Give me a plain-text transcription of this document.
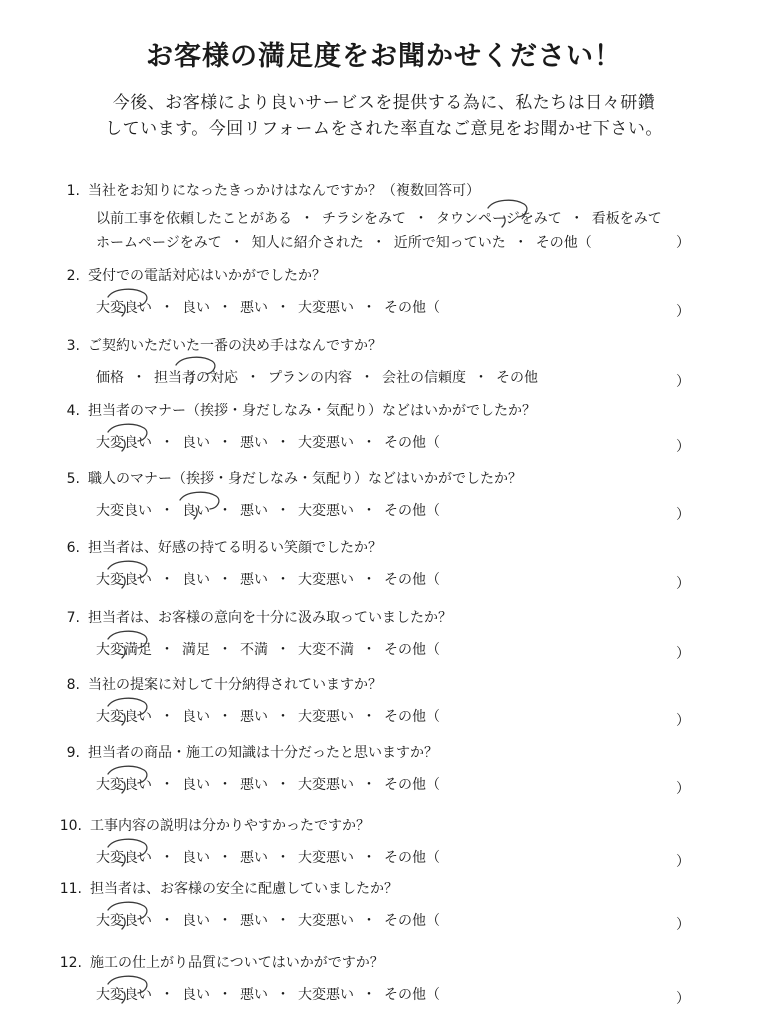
お客様の満足度をお聞かせください！

今後、お客様により良いサービスを提供する為に、私たちは日々研鑽

しています。今回リフォームをされた率直なご意見をお聞かせ下さい。

1. 当社をお知りになったきっかけはなんですか？（複数回答可）
以前工事を依頼したことがある ・ チラシをみて ・ タウンページをみて ・ 看板をみて
ホームページをみて ・ 知人に紹介された ・ 近所で知っていた ・ その他（	）
2. 受付での電話対応はいかがでしたか？
大変良い ・ 良い ・ 悪い ・ 大変悪い ・ その他（	）
3. ご契約いただいた一番の決め手はなんですか？
価格 ・ 担当者の対応 ・ プランの内容 ・ 会社の信頼度 ・ その他	）
4. 担当者のマナー（挨拶・身だしなみ・気配り）などはいかがでしたか？
大変良い ・ 良い ・ 悪い ・ 大変悪い ・ その他（	）
5. 職人のマナー（挨拶・身だしなみ・気配り）などはいかがでしたか？
大変良い ・ 良い ・ 悪い ・ 大変悪い ・ その他（	）
6. 担当者は、好感の持てる明るい笑顔でしたか？
大変良い ・ 良い ・ 悪い ・ 大変悪い ・ その他（	）
7. 担当者は、お客様の意向を十分に汲み取っていましたか？
大変満足 ・ 満足 ・ 不満 ・ 大変不満 ・ その他（	）
8. 当社の提案に対して十分納得されていますか？
大変良い ・ 良い ・ 悪い ・ 大変悪い ・ その他（	）
9. 担当者の商品・施工の知識は十分だったと思いますか？
大変良い ・ 良い ・ 悪い ・ 大変悪い ・ その他（	）
10. 工事内容の説明は分かりやすかったですか？
大変良い ・ 良い ・ 悪い ・ 大変悪い ・ その他（	）
11. 担当者は、お客様の安全に配慮していましたか？
大変良い ・ 良い ・ 悪い ・ 大変悪い ・ その他（	）
12. 施工の仕上がり品質についてはいかがですか？
大変良い ・ 良い ・ 悪い ・ 大変悪い ・ その他（	）
